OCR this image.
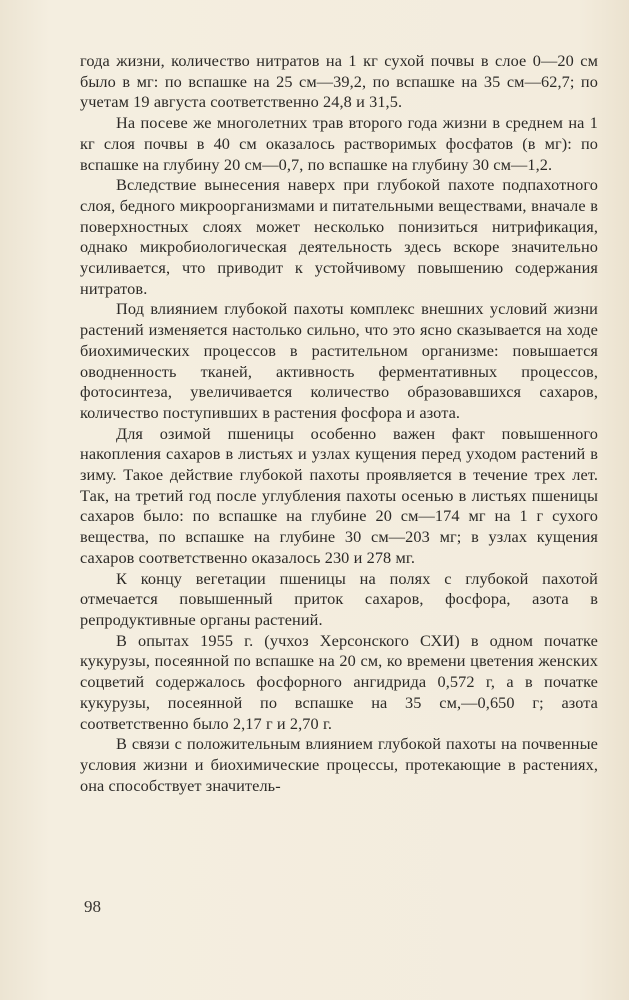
года жизни, количество нитратов на 1 кг сухой почвы в слое 0—20 см было в мг: по вспашке на 25 см—39,2, по вспашке на 35 см—62,7; по учетам 19 августа соответственно 24,8 и 31,5.

На посеве же многолетних трав второго года жизни в среднем на 1 кг слоя почвы в 40 см оказалось растворимых фосфатов (в мг): по вспашке на глубину 20 см—0,7, по вспашке на глубину 30 см—1,2.

Вследствие вынесения наверх при глубокой пахоте подпахотного слоя, бедного микроорганизмами и питательными веществами, вначале в поверхностных слоях может несколько понизиться нитрификация, однако микробиологическая деятельность здесь вскоре значительно усиливается, что приводит к устойчивому повышению содержания нитратов.

Под влиянием глубокой пахоты комплекс внешних условий жизни растений изменяется настолько сильно, что это ясно сказывается на ходе биохимических процессов в растительном организме: повышается оводненность тканей, активность ферментативных процессов, фотосинтеза, увеличивается количество образовавшихся сахаров, количество поступивших в растения фосфора и азота.

Для озимой пшеницы особенно важен факт повышенного накопления сахаров в листьях и узлах кущения перед уходом растений в зиму. Такое действие глубокой пахоты проявляется в течение трех лет. Так, на третий год после углубления пахоты осенью в листьях пшеницы сахаров было: по вспашке на глубине 20 см—174 мг на 1 г сухого вещества, по вспашке на глубине 30 см—203 мг; в узлах кущения сахаров соответственно оказалось 230 и 278 мг.

К концу вегетации пшеницы на полях с глубокой пахотой отмечается повышенный приток сахаров, фосфора, азота в репродуктивные органы растений.

В опытах 1955 г. (учхоз Херсонского СХИ) в одном початке кукурузы, посеянной по вспашке на 20 см, ко времени цветения женских соцветий содержалось фосфорного ангидрида 0,572 г, а в початке кукурузы, посеянной по вспашке на 35 см,—0,650 г; азота соответственно было 2,17 г и 2,70 г.

В связи с положительным влиянием глубокой пахоты на почвенные условия жизни и биохимические процессы, протекающие в растениях, она способствует значитель-

98
